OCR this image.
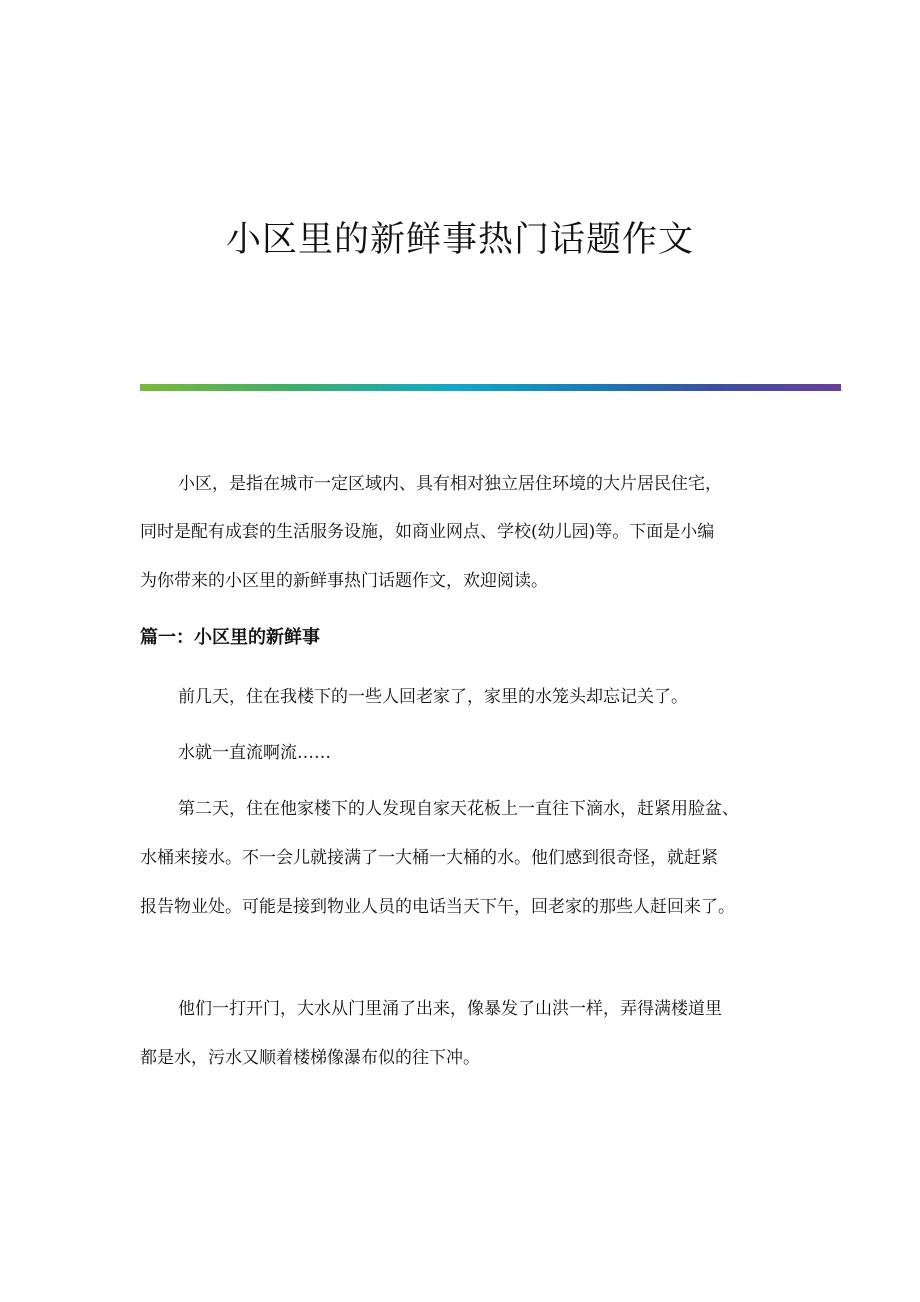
小区里的新鲜事热门话题作文
小区，是指在城市一定区域内、具有相对独立居住环境的大片居民住宅，
同时是配有成套的生活服务设施，如商业网点、学校(幼儿园)等。下面是小编
为你带来的小区里的新鲜事热门话题作文，欢迎阅读。
篇一：小区里的新鲜事
前几天，住在我楼下的一些人回老家了，家里的水笼头却忘记关了。
水就一直流啊流……
第二天，住在他家楼下的人发现自家天花板上一直往下滴水，赶紧用脸盆、
水桶来接水。不一会儿就接满了一大桶一大桶的水。他们感到很奇怪，就赶紧
报告物业处。可能是接到物业人员的电话当天下午，回老家的那些人赶回来了。
他们一打开门，大水从门里涌了出来，像暴发了山洪一样，弄得满楼道里
都是水，污水又顺着楼梯像瀑布似的往下冲。
